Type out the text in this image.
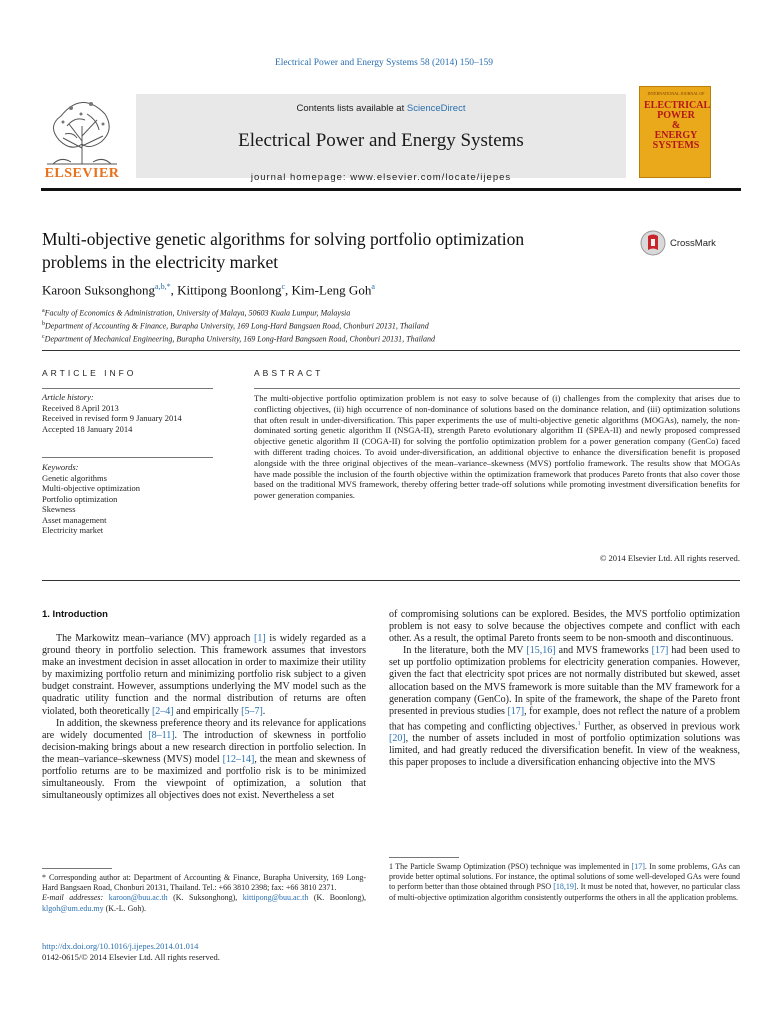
Electrical Power and Energy Systems 58 (2014) 150–159
ELSEVIER
Contents lists available at ScienceDirect
Electrical Power and Energy Systems
journal homepage: www.elsevier.com/locate/ijepes
INTERNATIONAL JOURNAL OF
ELECTRICAL
POWER
&
ENERGY
SYSTEMS
Multi-objective genetic algorithms for solving portfolio optimization
problems in the electricity market
CrossMark
Karoon Suksonghong$^{a,b,*}$, Kittipong Boonlong$^c$, Kim-Leng Goh$^a$
$^a$Faculty of Economics & Administration, University of Malaya, 50603 Kuala Lumpur, Malaysia
$^b$Department of Accounting & Finance, Burapha University, 169 Long-Hard Bangsaen Road, Chonburi 20131, Thailand
$^c$Department of Mechanical Engineering, Burapha University, 169 Long-Hard Bangsaen Road, Chonburi 20131, Thailand
ARTICLE INFO
Article history:
Received 8 April 2013
Received in revised form 9 January 2014
Accepted 18 January 2014
Keywords:
Genetic algorithms
Multi-objective optimization
Portfolio optimization
Skewness
Asset management
Electricity market
ABSTRACT
The multi-objective portfolio optimization problem is not easy to solve because of (i) challenges from the complexity that arises due to conflicting objectives, (ii) high occurrence of non-dominance of solutions based on the dominance relation, and (iii) optimization solutions that often result in under-diversification. This paper experiments the use of multi-objective genetic algorithms (MOGAs), namely, the non-dominated sorting genetic algorithm II (NSGA-II), strength Pareto evolutionary algorithm II (SPEA-II) and newly proposed compressed objective genetic algorithm II (COGA-II) for solving the portfolio optimization problem for a power generation company (GenCo) faced with different trading choices. To avoid under-diversification, an additional objective to enhance the diversification benefit is proposed alongside with the three original objectives of the mean–variance–skewness (MVS) portfolio framework. The results show that MOGAs have made possible the inclusion of the fourth objective within the optimization framework that produces Pareto fronts that also cover those based on the traditional MVS framework, thereby offering better trade-off solutions while promoting investment diversification benefits for power generation companies.
© 2014 Elsevier Ltd. All rights reserved.
1. Introduction

The Markowitz mean–variance (MV) approach [1] is widely regarded as a ground theory in portfolio selection. This framework assumes that investors make an investment decision in asset allocation in order to maximize their utility by maximizing portfolio return and minimizing portfolio risk subject to a given budget constraint. However, assumptions underlying the MV model such as the quadratic utility function and the normal distribution of returns are often violated, both theoretically [2–4] and empirically [5–7].

In addition, the skewness preference theory and its relevance for applications are widely documented [8–11]. The introduction of skewness in portfolio decision-making brings about a new research direction in portfolio selection. In the mean–variance–skewness (MVS) model [12–14], the mean and skewness of portfolio returns are to be maximized and portfolio risk is to be minimized simultaneously. From the viewpoint of optimization, a solution that simultaneously optimizes all objectives does not exist. Nevertheless a set

of compromising solutions can be explored. Besides, the MVS portfolio optimization problem is not easy to solve because the objectives compete and conflict with each other. As a result, the optimal Pareto fronts seem to be non-smooth and discontinuous.

In the literature, both the MV [15,16] and MVS frameworks [17] had been used to set up portfolio optimization problems for electricity generation companies. However, given the fact that electricity spot prices are not normally distributed but skewed, asset allocation based on the MVS framework is more suitable than the MV framework for a generation company (GenCo). In spite of the framework, the shape of the Pareto front presented in previous studies [17], for example, does not reflect the nature of a problem that has competing and conflicting objectives.$^1$ Further, as observed in previous work [20], the number of assets included in most of portfolio optimization solutions was limited, and had greatly reduced the diversification benefit. In view of the weakness, this paper proposes to include a diversification enhancing objective into the MVS

* Corresponding author at: Department of Accounting & Finance, Burapha University, 169 Long-Hard Bangsaen Road, Chonburi 20131, Thailand. Tel.: +66 3810 2398; fax: +66 3810 2371.
E-mail addresses: karoon@buu.ac.th (K. Suksonghong), kittipong@buu.ac.th (K. Boonlong), klgoh@um.edu.my (K.-L. Goh).
1 The Particle Swamp Optimization (PSO) technique was implemented in [17]. In some problems, GAs can provide better optimal solutions. For instance, the optimal solutions of some well-developed GAs were found to perform better than those obtained through PSO [18,19]. It must be noted that, however, no particular class of multi-objective optimization algorithm consistently outperforms the others in all the application problems.
http://dx.doi.org/10.1016/j.ijepes.2014.01.014
0142-0615/© 2014 Elsevier Ltd. All rights reserved.
